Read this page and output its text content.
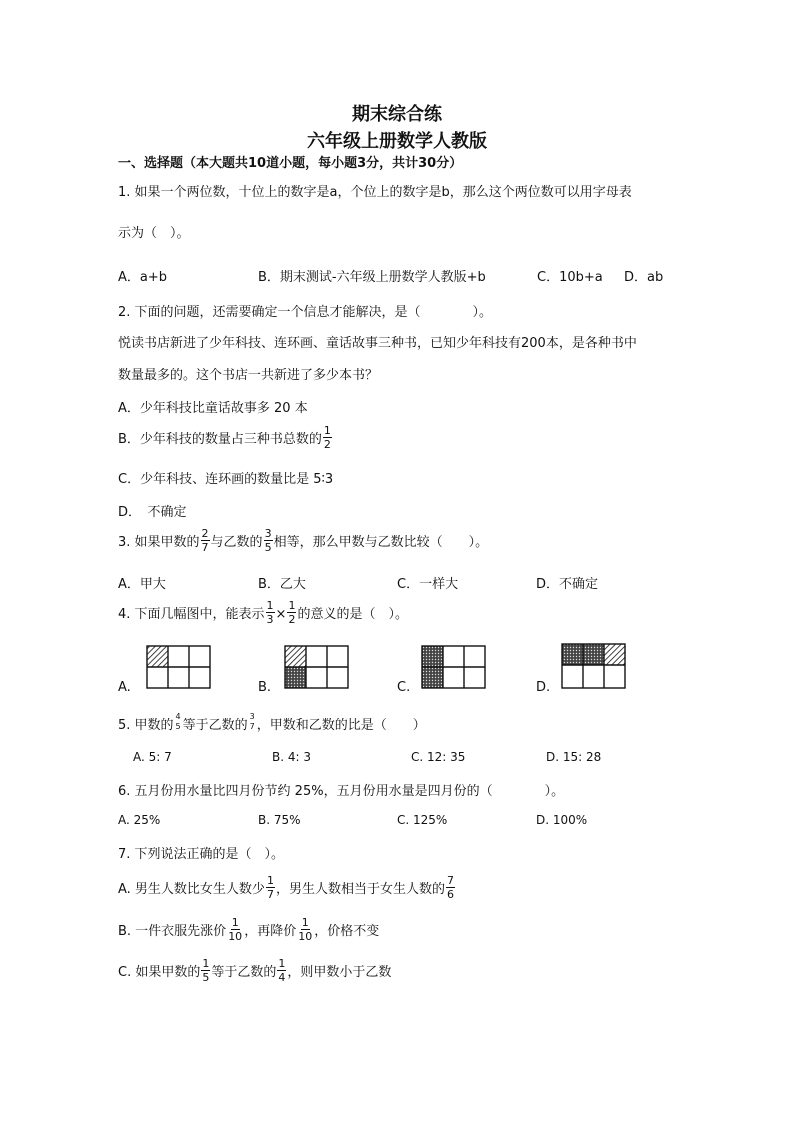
期末综合练
六年级上册数学人教版
一、选择题（本大题共10道小题，每小题3分，共计30分）
1. 如果一个两位数，十位上的数字是a，个位上的数字是b，那么这个两位数可以用字母表
示为（　）。
A．a+b	B．期末测试-六年级上册数学人教版+b	C．10b+a D．ab
2. 下面的问题，还需要确定一个信息才能解决，是（　　　　）。
悦读书店新进了少年科技、连环画、童话故事三种书，已知少年科技有200本，是各种书中
数量最多的。这个书店一共新进了多少本书？
A．少年科技比童话故事多 20 本
B．少年科技的数量占三种书总数的 $\frac{1}{2}$
C．少年科技、连环画的数量比是 5∶3
D．　不确定
3. 如果甲数的 $\frac{2}{7}$ 与乙数的 $\frac{3}{5}$ 相等，那么甲数与乙数比较（　　）。
A．甲大	B．乙大	C．一样大	D．不确定
4. 下面几幅图中，能表示 $\frac{1}{3} \times \frac{1}{2}$ 的意义的是（　）。
A.	B.	C.	D.
5. 甲数的
4
5 等于乙数的
3
7 ，甲数和乙数的比是（　　）
A. 5: 7	B. 4: 3	C. 12: 35	D. 15: 28
6. 五月份用水量比四月份节约 25%，五月份用水量是四月份的（　　　　）。
A. 25%	B. 75%	C. 125%	D. 100%
7. 下列说法正确的是（　）。
A. 男生人数比女生人数少 $\frac{1}{7}$ ，男生人数相当于女生人数的 $\frac{7}{6}$
B. 一件衣服先涨价 $\frac{1}{10}$ ，再降价 $\frac{1}{10}$ ，价格不变
C. 如果甲数的 $\frac{1}{5}$ 等于乙数的 $\frac{1}{4}$ ，则甲数小于乙数
